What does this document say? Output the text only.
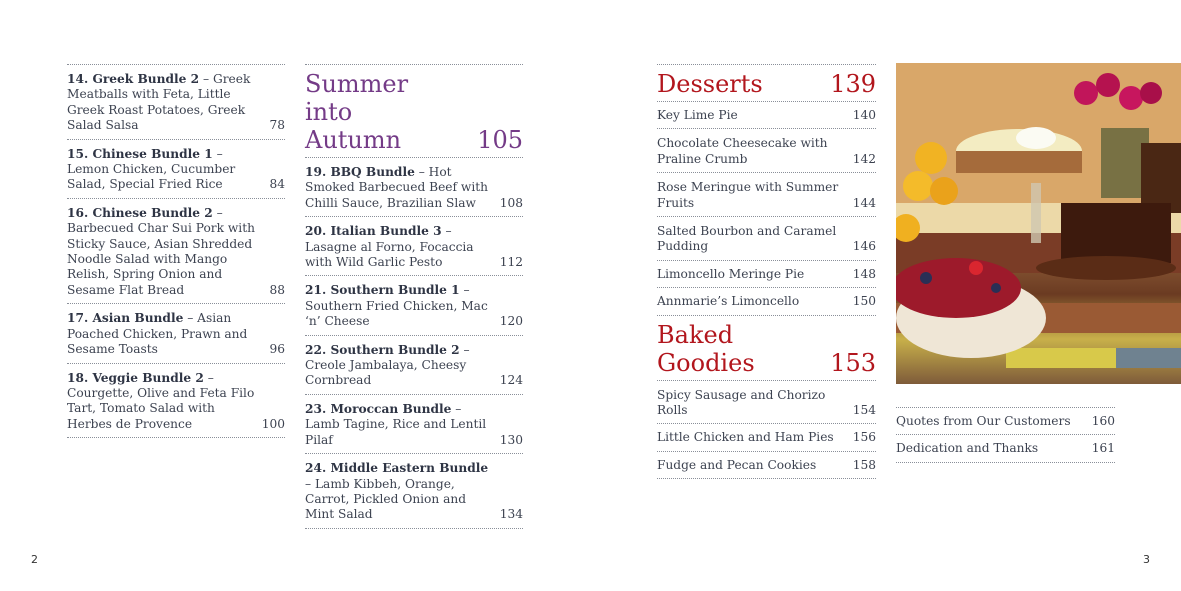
14. Greek Bundle 2 – Greek Meatballs with Feta, Little Greek Roast Potatoes, Greek Salad Salsa	78
15. Chinese Bundle 1 – Lemon Chicken, Cucumber Salad, Special Fried Rice	84
16. Chinese Bundle 2 – Barbecued Char Sui Pork with Sticky Sauce, Asian Shredded Noodle Salad with Mango Relish, Spring Onion and Sesame Flat Bread	88
17. Asian Bundle – Asian Poached Chicken, Prawn and Sesame Toasts	96
18. Veggie Bundle 2 – Courgette, Olive and Feta Filo Tart, Tomato Salad with Herbes de Provence	100
Summer into Autumn	105
19. BBQ Bundle – Hot Smoked Barbecued Beef with Chilli Sauce, Brazilian Slaw	108
20. Italian Bundle 3 – Lasagne al Forno, Focaccia with Wild Garlic Pesto	112
21. Southern Bundle 1 – Southern Fried Chicken, Mac ‘n’ Cheese	120
22. Southern Bundle 2 – Creole Jambalaya, Cheesy Cornbread	124
23. Moroccan Bundle – Lamb Tagine, Rice and Lentil Pilaf	130
24. Middle Eastern Bundle – Lamb Kibbeh, Orange, Carrot, Pickled Onion and Mint Salad	134
Desserts	139
Key Lime Pie	140
Chocolate Cheesecake with Praline Crumb	142
Rose Meringue with Summer Fruits	144
Salted Bourbon and Caramel Pudding	146
Limoncello Meringe Pie	148
Annmarie’s Limoncello	150
Baked Goodies	153
Spicy Sausage and Chorizo Rolls	154
Little Chicken and Ham Pies	156
Fudge and Pecan Cookies	158
Quotes from Our Customers	160
Dedication and Thanks	161
2	3
